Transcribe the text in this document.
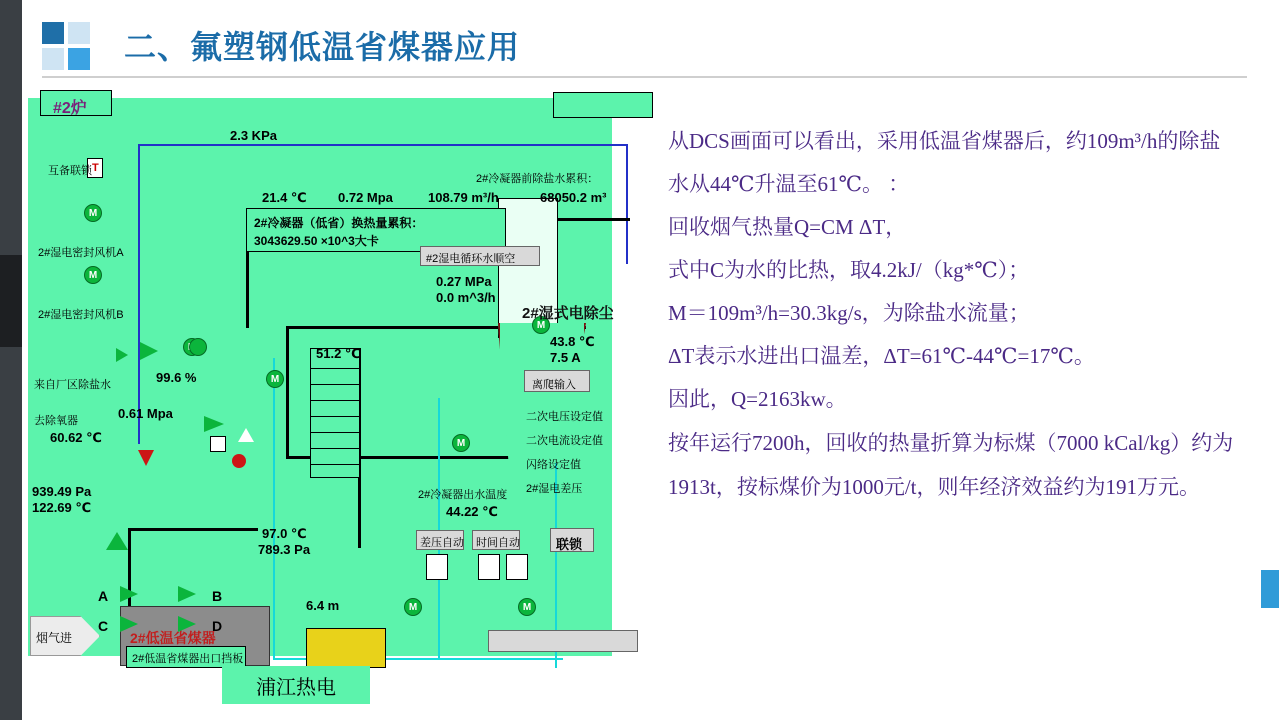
二、氟塑钢低温省煤器应用
#2炉
2#低温省煤器
烟气进
2#低温省煤器出口挡板
M
M
M
M
M
M	M
T
A	B
C	D
互备联锁
2#湿电密封风机A
2#湿电密封风机B
来自厂区除盐水
去除氧器
2.3 KPa
21.4 ℃ 0.72 Mpa	108.79 m³/h	68050.2 m³
2#冷凝器前除盐水累积：
2#冷凝器（低省）换热量累积：
3043629.50 ×10^3大卡
#2湿电循环水顺空
0.27 MPa
0.0 m^3/h
2#湿式电除尘
51.2 ℃
43.8 ℃
7.5 A
离爬输入
99.6 %
0.61 Mpa
60.62 ℃
939.49 Pa
122.69 ℃
97.0 ℃
789.3 Pa
6.4 m
2#冷凝器出水温度
44.22 ℃
二次电压设定值
二次电流设定值
闪络设定值
2#湿电差压
差压自动 时间自动	联锁
浦江热电
从DCS画面可以看出，采用低温省煤器后，约109m³/h的除盐水从44℃升温至61℃。 ：
回收烟气热量Q=CM ΔT，
式中C为水的比热，取4.2kJ/（kg*℃）；
M＝109m³/h=30.3kg/s，为除盐水流量；
ΔT表示水进出口温差，ΔT=61℃-44℃=17℃。
因此，Q=2163kw。
按年运行7200h，回收的热量折算为标煤（7000 kCal/kg）约为1913t，按标煤价为1000元/t，则年经济效益约为191万元。
